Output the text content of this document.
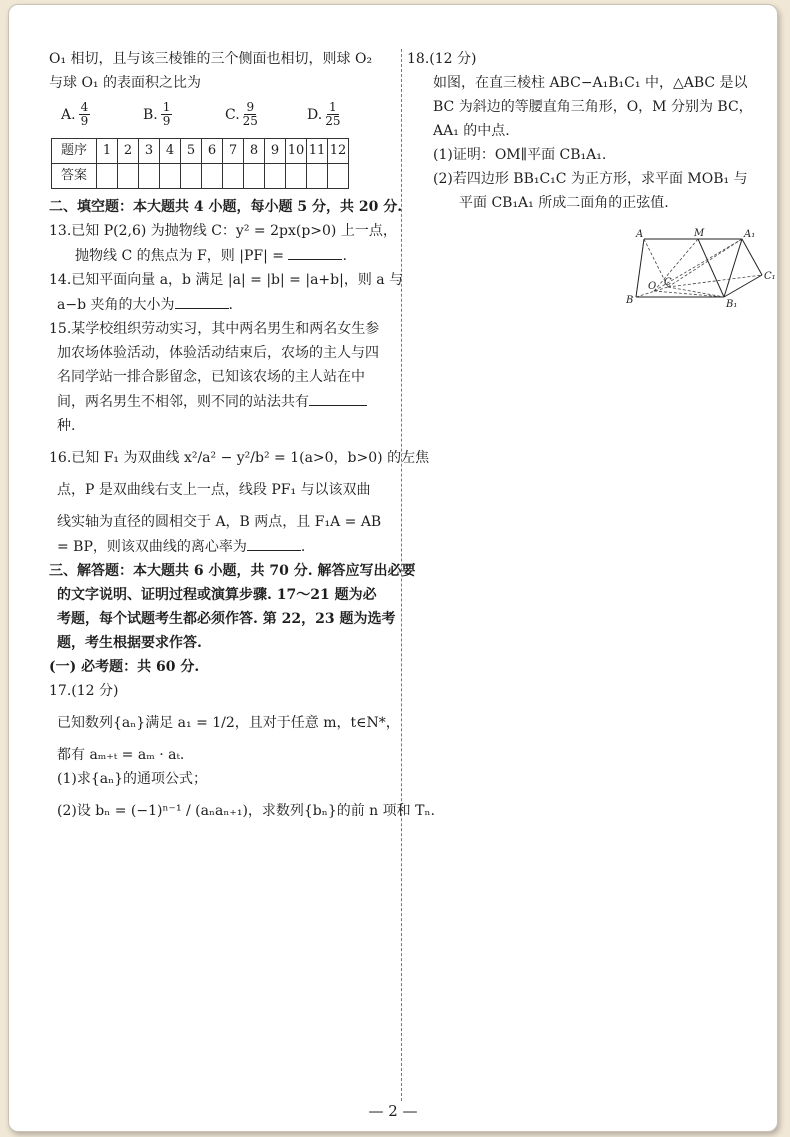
O₁ 相切，且与该三棱锥的三个侧面也相切，则球 O₂

与球 O₁ 的表面积之比为

A. $\frac{4}{9}$	B. $\frac{1}{9}$	C. $\frac{9}{25}$	D. $\frac{1}{25}$
题序	1	2	3	4	5	6	7	8	9	10	11	12
答案												

二、填空题：本大题共 4 小题，每小题 5 分，共 20 分.

13.已知 P(2,6) 为抛物线 C：y² = 2px(p>0) 上一点，

抛物线 C 的焦点为 F，则 |PF| =	.

14.已知平面向量 a，b 满足 |a| = |b| = |a+b|，则 a 与

a−b 夹角的大小为	.

15.某学校组织劳动实习，其中两名男生和两名女生参

加农场体验活动，体验活动结束后，农场的主人与四

名同学站一排合影留念，已知该农场的主人站在中

间，两名男生不相邻，则不同的站法共有

种.

16.已知 F₁ 为双曲线 x²/a² − y²/b² = 1(a>0，b>0) 的左焦

点，P 是双曲线右支上一点，线段 PF₁ 与以该双曲

线实轴为直径的圆相交于 A，B 两点，且 F₁A = AB

= BP，则该双曲线的离心率为	.

三、解答题：本大题共 6 小题，共 70 分. 解答应写出必要

的文字说明、证明过程或演算步骤. 17～21 题为必

考题，每个试题考生都必须作答. 第 22，23 题为选考

题，考生根据要求作答.

(一) 必考题：共 60 分.

17.(12 分)

已知数列{aₙ}满足 a₁ = 1/2，且对于任意 m，t∈N*，

都有 aₘ₊ₜ = aₘ · aₜ.

(1)求{aₙ}的通项公式；

(2)设 bₙ = (−1)ⁿ⁻¹ / (aₙaₙ₊₁)，求数列{bₙ}的前 n 项和 Tₙ.

18.(12 分)

如图，在直三棱柱 ABC−A₁B₁C₁ 中，△ABC 是以

BC 为斜边的等腰直角三角形，O，M 分别为 BC，

AA₁ 的中点.

(1)证明：OM∥平面 CB₁A₁.

(2)若四边形 BB₁C₁C 为正方形，求平面 MOB₁ 与

平面 CB₁A₁ 所成二面角的正弦值.

A	M	A₁
C₁
B₁
B
O C
— 2 —
